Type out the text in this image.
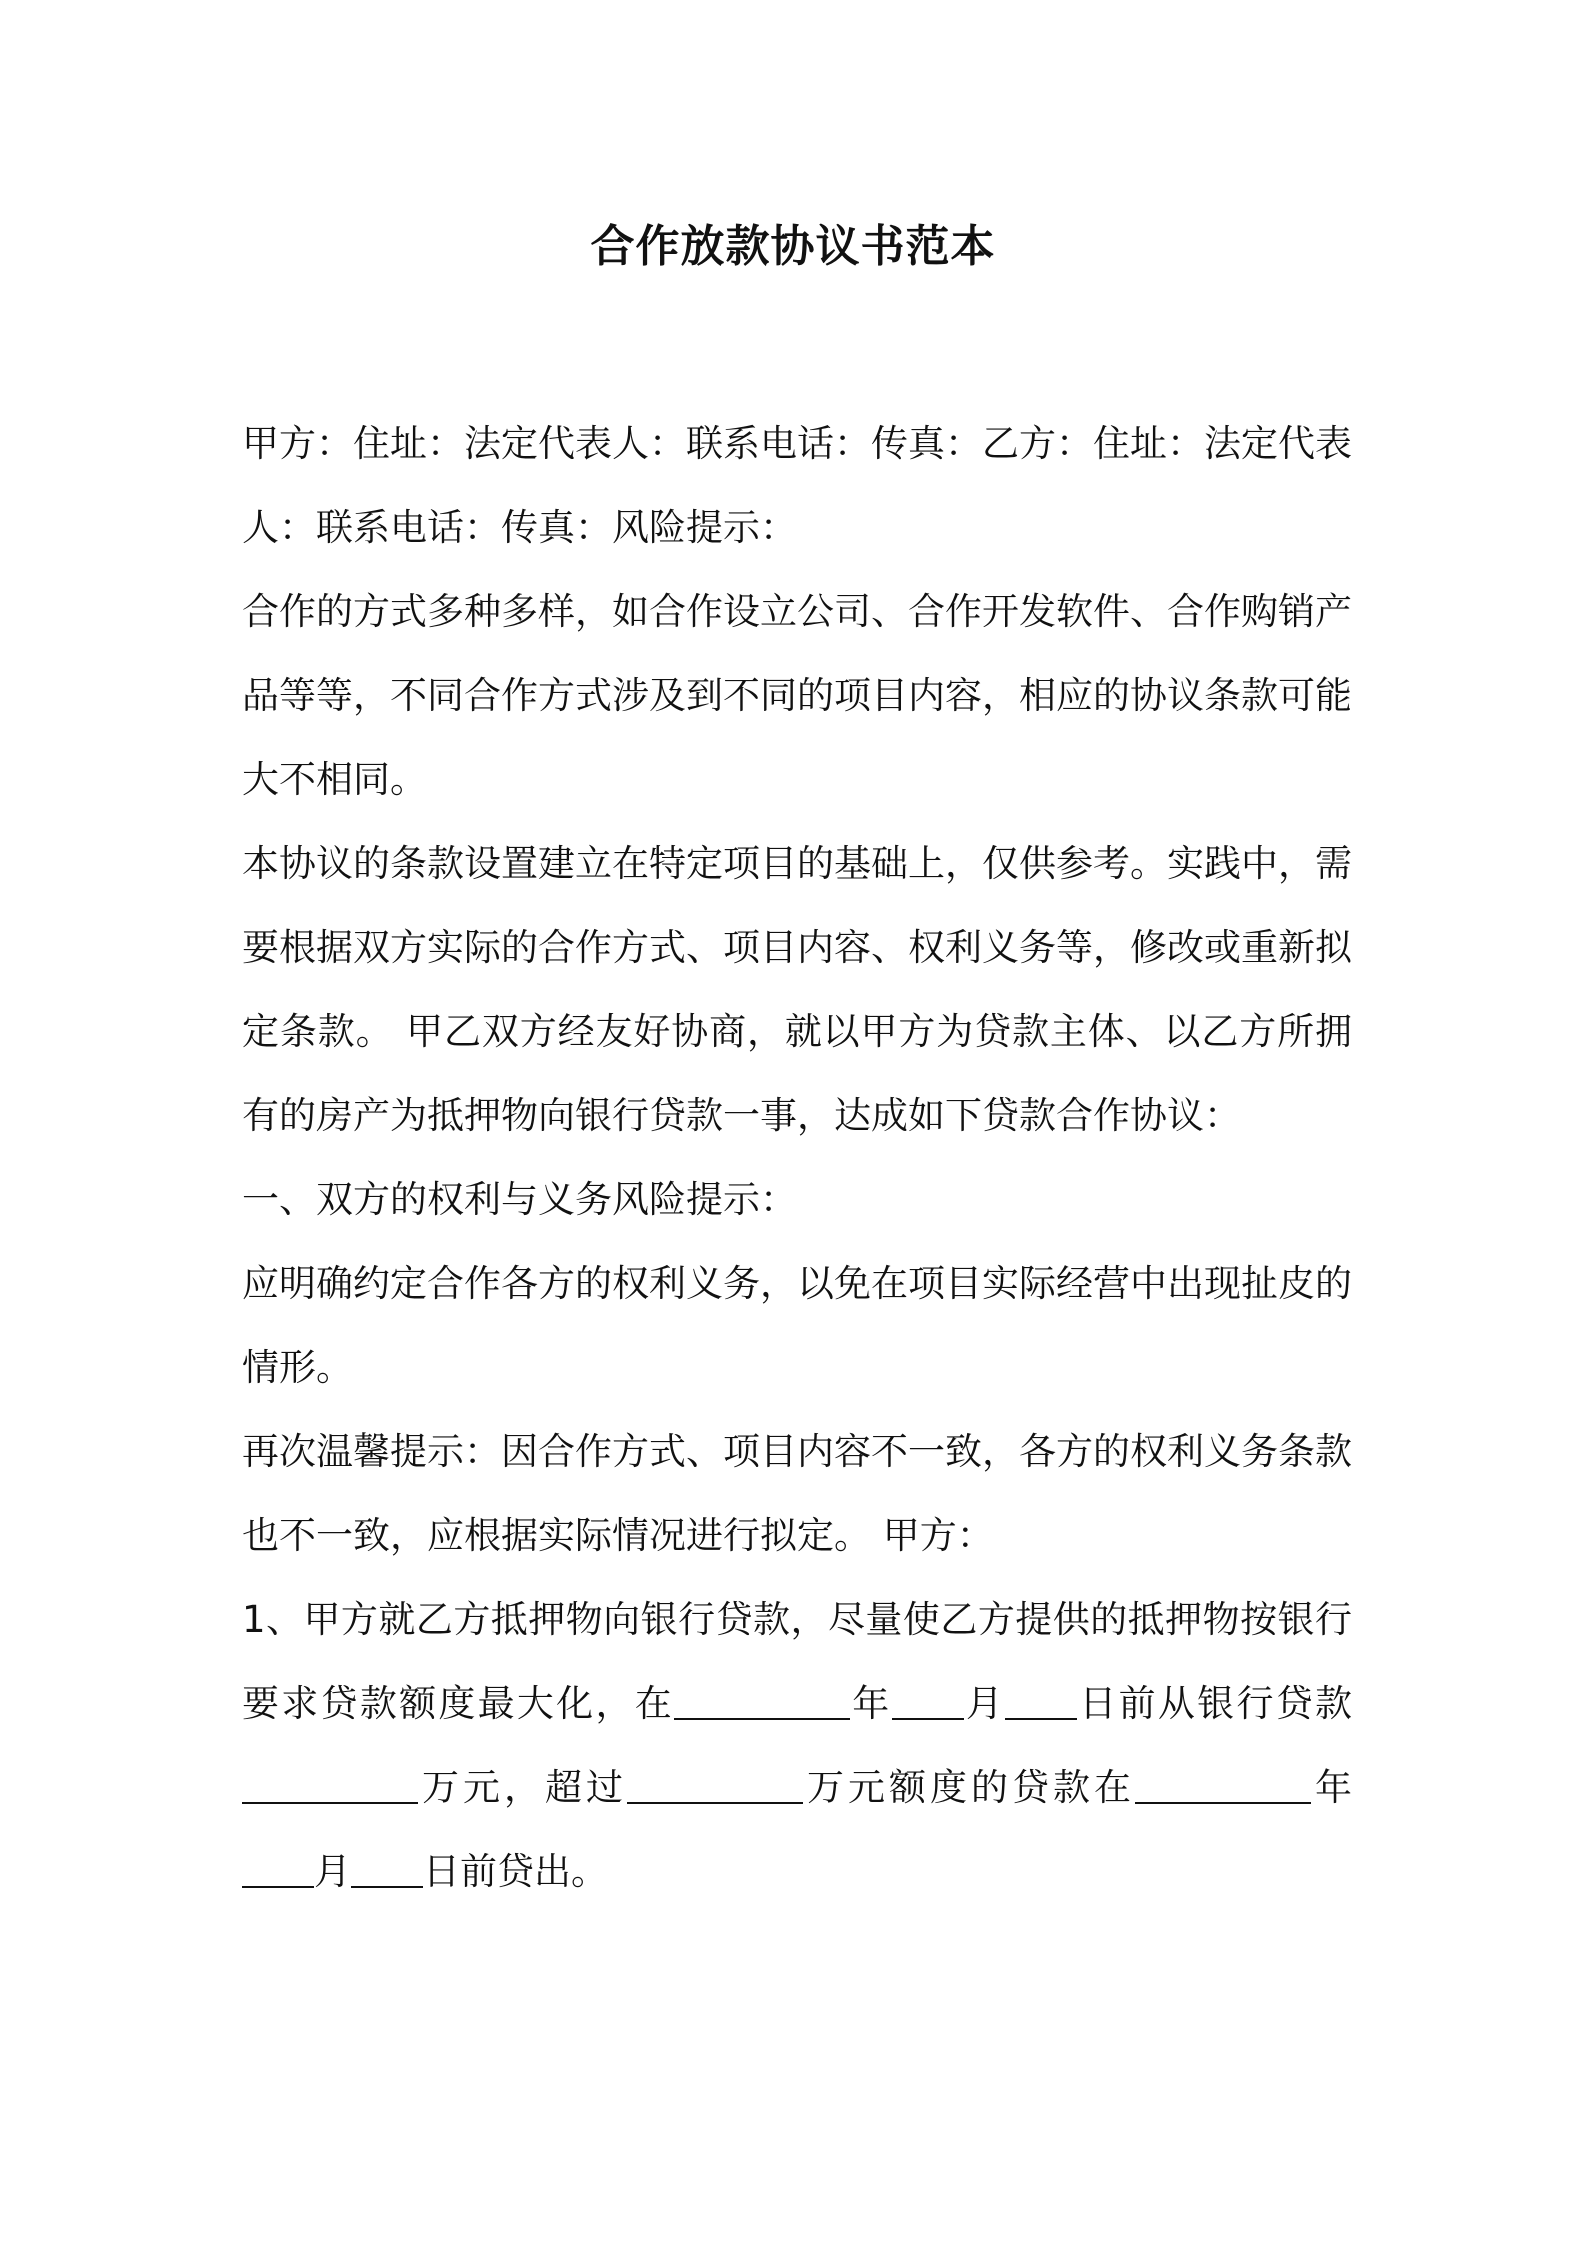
合作放款协议书范本

甲方：住址：法定代表人：联系电话：传真：乙方：住址：法定代表人：联系电话：传真：风险提示：

合作的方式多种多样，如合作设立公司、合作开发软件、合作购销产品等等，不同合作方式涉及到不同的项目内容，相应的协议条款可能大不相同。

本协议的条款设置建立在特定项目的基础上，仅供参考。实践中，需要根据双方实际的合作方式、项目内容、权利义务等，修改或重新拟定条款。 甲乙双方经友好协商，就以甲方为贷款主体、以乙方所拥有的房产为抵押物向银行贷款一事，达成如下贷款合作协议：

一、双方的权利与义务风险提示：

应明确约定合作各方的权利义务，以免在项目实际经营中出现扯皮的情形。

再次温馨提示：因合作方式、项目内容不一致，各方的权利义务条款也不一致，应根据实际情况进行拟定。 甲方：

1、甲方就乙方抵押物向银行贷款，尽量使乙方提供的抵押物按银行要求贷款额度最大化，在	年 月 日前从银行贷款万元，超过	万元额度的贷款在	年月 日前贷出。
